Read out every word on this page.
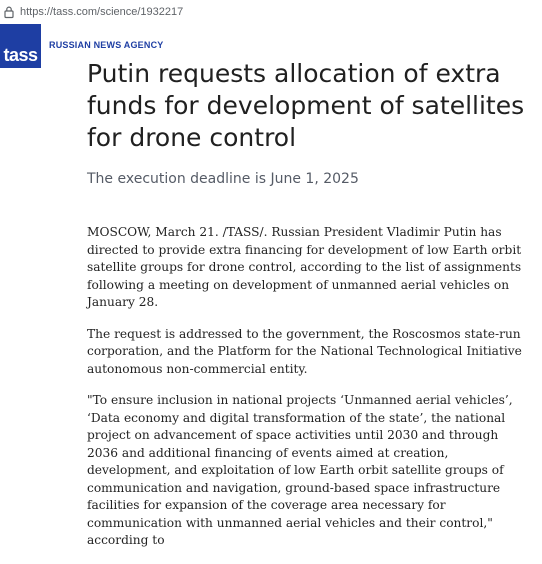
https://tass.com/science/1932217
tass	RUSSIAN NEWS AGENCY
Putin requests allocation of extra funds for development of satellites for drone control

The execution deadline is June 1, 2025

MOSCOW, March 21. /TASS/. Russian President Vladimir Putin has directed to provide extra financing for development of low Earth orbit satellite groups for drone control, according to the list of assignments following a meeting on development of unmanned aerial vehicles on January 28.

The request is addressed to the government, the Roscosmos state-run corporation, and the Platform for the National Technological Initiative autonomous non-commercial entity.

"To ensure inclusion in national projects ‘Unmanned aerial vehicles’, ‘Data economy and digital transformation of the state’, the national project on advancement of space activities until 2030 and through 2036 and additional financing of events aimed at creation, development, and exploitation of low Earth orbit satellite groups of communication and navigation, ground-based space infrastructure facilities for expansion of the coverage area necessary for communication with unmanned aerial vehicles and their control," according to
